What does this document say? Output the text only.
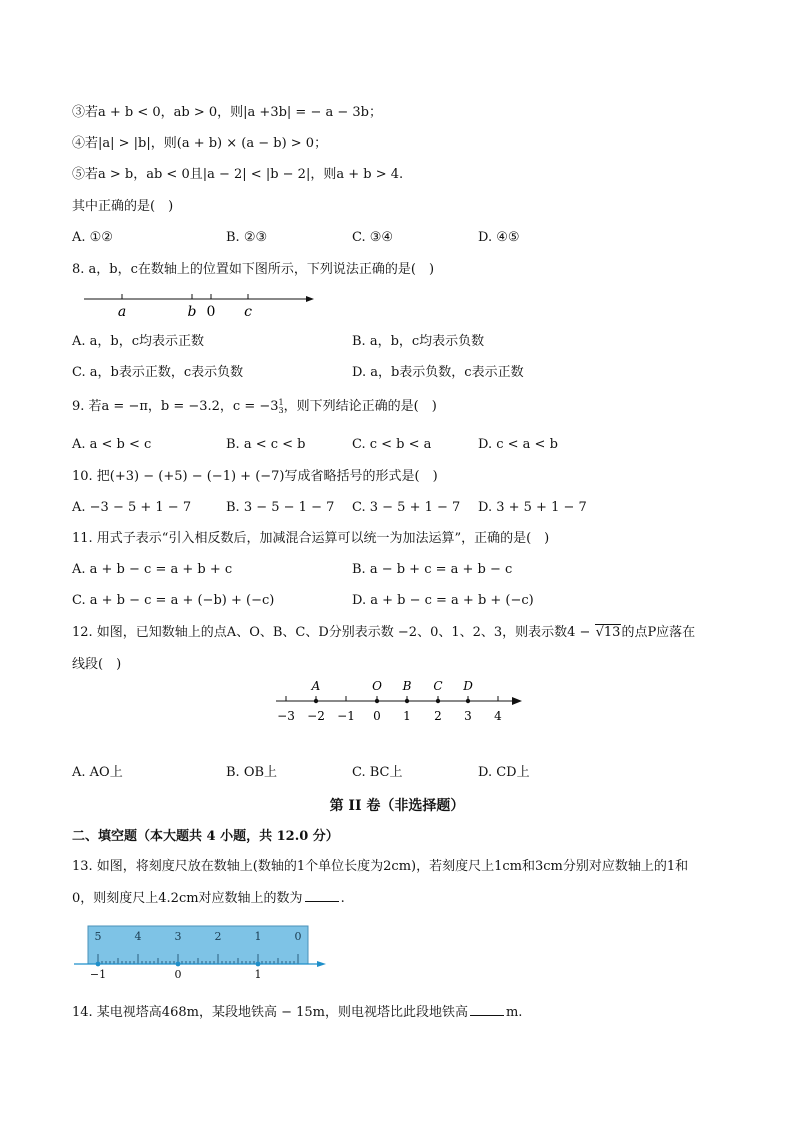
③若a + b < 0，ab > 0，则|a +3b| = − a − 3b；
④若|a| > |b|，则(a + b) × (a − b) > 0；
⑤若a > b，ab < 0且|a − 2| < |b − 2|，则a + b > 4.
其中正确的是(　)
A. ①②	B. ②③	C. ③④	D. ④⑤
8. a，b，c在数轴上的位置如下图所示，下列说法正确的是(　)
a	b 0 c
A. a，b，c均表示正数	B. a，b，c均表示负数
C. a，b表示正数，c表示负数	D. a，b表示负数，c表示正数
9. 若a = −π，b = −3.2，c = −31
3，则下列结论正确的是(　)
A. a < b < c	B. a < c < b	C. c < b < a	D. c < a < b
10. 把(+3) − (+5) − (−1) + (−7)写成省略括号的形式是(　)
A. −3 − 5 + 1 − 7	B. 3 − 5 − 1 − 7 C. 3 − 5 + 1 − 7 D. 3 + 5 + 1 − 7
11. 用式子表示“引入相反数后，加减混合运算可以统一为加法运算”，正确的是(　)
A. a + b − c = a + b + c	B. a − b + c = a + b − c
C. a + b − c = a + (−b) + (−c)	D. a + b − c = a + b + (−c)
12. 如图，已知数轴上的点A、O、B、C、D分别表示数 −2、0、1、2、3，则表示数4 − √13的点P应落在
线段(　)
A	O B C D
−3 −2 −1 0 1 2 3 4
A. AO上	B. OB上	C. BC上	D. CD上
第 II 卷（非选择题）
二、填空题（本大题共 4 小题，共 12.0 分）
13. 如图，将刻度尺放在数轴上(数轴的1个单位长度为2cm)，若刻度尺上1cm和3cm分别对应数轴上的1和
0，则刻度尺上4.2cm对应数轴上的数为	.
5	4	3	2	1	0
−1	0	1
14. 某电视塔高468m，某段地铁高 − 15m，则电视塔比此段地铁高	m.
